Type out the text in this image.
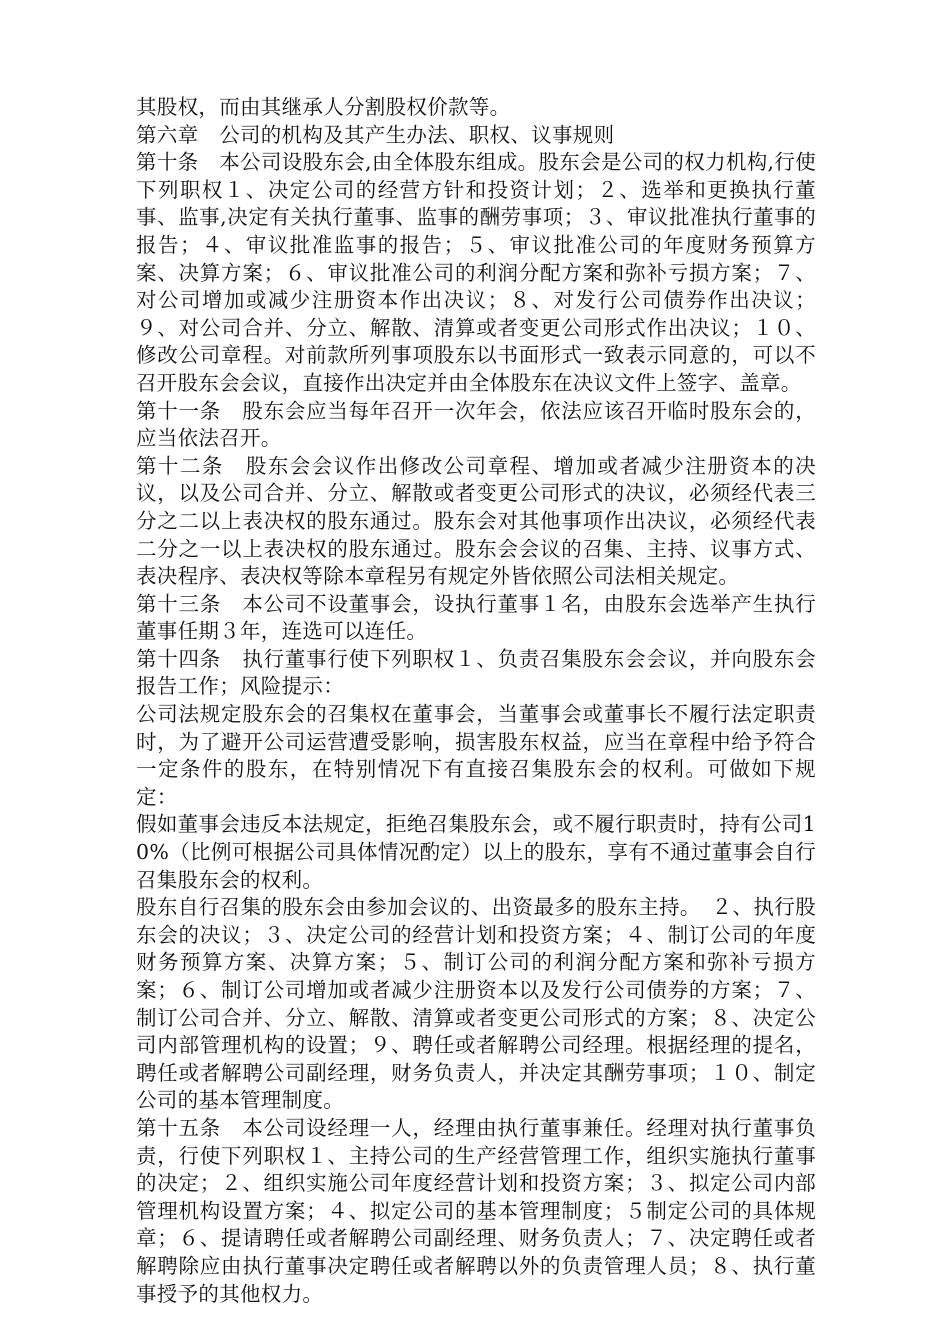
其股权，而由其继承人分割股权价款等。

第六章　公司的机构及其产生办法、职权、议事规则

第十条　本公司设股东会,由全体股东组成。股东会是公司的权力机构,行使下列职权１、决定公司的经营方针和投资计划；２、选举和更换执行董事、监事,决定有关执行董事、监事的酬劳事项；３、审议批准执行董事的报告；４、审议批准监事的报告；５、审议批准公司的年度财务预算方案、决算方案；６、审议批准公司的利润分配方案和弥补亏损方案；７、对公司增加或减少注册资本作出决议；８、对发行公司债券作出决议；９、对公司合并、分立、解散、清算或者变更公司形式作出决议；１０、修改公司章程。对前款所列事项股东以书面形式一致表示同意的，可以不召开股东会会议，直接作出决定并由全体股东在决议文件上签字、盖章。

第十一条　股东会应当每年召开一次年会，依法应该召开临时股东会的，应当依法召开。

第十二条　股东会会议作出修改公司章程、增加或者减少注册资本的决议，以及公司合并、分立、解散或者变更公司形式的决议，必须经代表三分之二以上表决权的股东通过。股东会对其他事项作出决议，必须经代表二分之一以上表决权的股东通过。股东会会议的召集、主持、议事方式、表决程序、表决权等除本章程另有规定外皆依照公司法相关规定。

第十三条　本公司不设董事会，设执行董事１名，由股东会选举产生执行董事任期３年，连选可以连任。

第十四条　执行董事行使下列职权１、负责召集股东会会议，并向股东会报告工作；风险提示：

公司法规定股东会的召集权在董事会，当董事会或董事长不履行法定职责时，为了避开公司运营遭受影响，损害股东权益，应当在章程中给予符合一定条件的股东，在特别情况下有直接召集股东会的权利。可做如下规定：

假如董事会违反本法规定，拒绝召集股东会，或不履行职责时，持有公司10%（比例可根据公司具体情况酌定）以上的股东，享有不通过董事会自行召集股东会的权利。

股东自行召集的股东会由参加会议的、出资最多的股东主持。　２、执行股东会的决议；３、决定公司的经营计划和投资方案；４、制订公司的年度财务预算方案、决算方案；５、制订公司的利润分配方案和弥补亏损方案；６、制订公司增加或者减少注册资本以及发行公司债券的方案；７、制订公司合并、分立、解散、清算或者变更公司形式的方案；８、决定公司内部管理机构的设置；９、聘任或者解聘公司经理。根据经理的提名，聘任或者解聘公司副经理，财务负责人，并决定其酬劳事项；１０、制定公司的基本管理制度。

第十五条　本公司设经理一人，经理由执行董事兼任。经理对执行董事负责，行使下列职权１、主持公司的生产经营管理工作，组织实施执行董事的决定；２、组织实施公司年度经营计划和投资方案；３、拟定公司内部管理机构设置方案；４、拟定公司的基本管理制度；５制定公司的具体规章；６、提请聘任或者解聘公司副经理、财务负责人；７、决定聘任或者解聘除应由执行董事决定聘任或者解聘以外的负责管理人员；８、执行董事授予的其他权力。
